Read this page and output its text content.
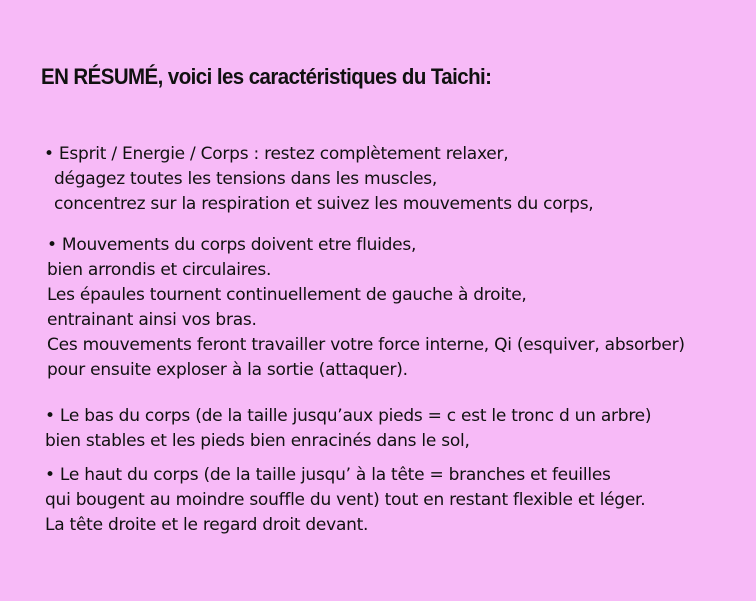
EN RÉSUMÉ, voici les caractéristiques du Taichi:
• Esprit / Energie / Corps : restez complètement relaxer,
dégagez toutes les tensions dans les muscles,
concentrez sur la respiration et suivez les mouvements du corps,
• Mouvements du corps doivent etre fluides,
bien arrondis et circulaires.
Les épaules tournent continuellement de gauche à droite,
entrainant ainsi vos bras.
Ces mouvements feront travailler votre force interne, Qi (esquiver, absorber)
pour ensuite exploser à la sortie (attaquer).
• Le bas du corps (de la taille jusqu’aux pieds = c est le tronc d un arbre)
bien stables et les pieds bien enracinés dans le sol,
• Le haut du corps (de la taille jusqu’ à la tête = branches et feuilles
qui bougent au moindre souffle du vent) tout en restant flexible et léger.
La tête droite et le regard droit devant.
